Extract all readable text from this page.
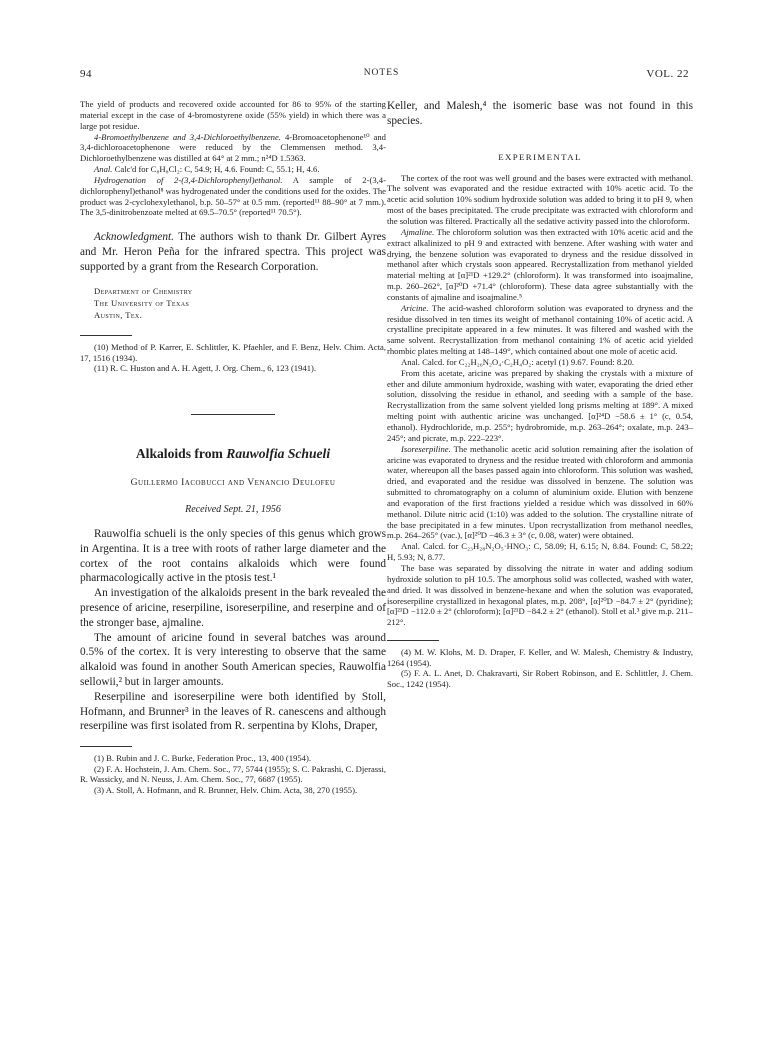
94	NOTES	VOL. 22

The yield of products and recovered oxide accounted for 86 to 95% of the starting material except in the case of 4-bromostyrene oxide (55% yield) in which there was a large pot residue.

4-Bromoethylbenzene and 3,4-Dichloroethylbenzene. 4-Bromoacetophenone¹⁰ and 3,4-dichloroacetophenone were reduced by the Clemmensen method. 3,4-Dichloroethylbenzene was distilled at 64° at 2 mm.; n²⁴D 1.5363.

Anal. Calc'd for C₈H₈Cl₂: C, 54.9; H, 4.6. Found: C, 55.1; H, 4.6.

Hydrogenation of 2-(3,4-Dichlorophenyl)ethanol. A sample of 2-(3,4-dichlorophenyl)ethanol⁸ was hydrogenated under the conditions used for the oxides. The product was 2-cyclohexylethanol, b.p. 50–57° at 0.5 mm. (reported¹¹ 88–90° at 7 mm.). The 3,5-dinitrobenzoate melted at 69.5–70.5° (reported¹¹ 70.5°).

Acknowledgment. The authors wish to thank Dr. Gilbert Ayres and Mr. Heron Peña for the infrared spectra. This project was supported by a grant from the Research Corporation.

Department of Chemistry

The University of Texas

Austin, Tex.

(10) Method of P. Karrer, E. Schlittler, K. Pfaehler, and F. Benz, Helv. Chim. Acta, 17, 1516 (1934).

(11) R. C. Huston and A. H. Agett, J. Org. Chem., 6, 123 (1941).

Alkaloids from Rauwolfia Schueli

Guillermo Iacobucci and Venancio Deulofeu

Received Sept. 21, 1956

Rauwolfia schueli is the only species of this genus which grows in Argentina. It is a tree with roots of rather large diameter and the cortex of the root contains alkaloids which were found pharmacologically active in the ptosis test.¹

An investigation of the alkaloids present in the bark revealed the presence of aricine, reserpiline, isoreserpiline, and reserpine and of the stronger base, ajmaline.

The amount of aricine found in several batches was around 0.5% of the cortex. It is very interesting to observe that the same alkaloid was found in another South American species, Rauwolfia sellowii,² but in larger amounts.

Reserpiline and isoreserpiline were both identified by Stoll, Hofmann, and Brunner³ in the leaves of R. canescens and although reserpiline was first isolated from R. serpentina by Klohs, Draper,

(1) B. Rubin and J. C. Burke, Federation Proc., 13, 400 (1954).

(2) F. A. Hochstein, J. Am. Chem. Soc., 77, 5744 (1955); S. C. Pakrashi, C. Djerassi, R. Wassicky, and N. Neuss, J. Am. Chem. Soc., 77, 6687 (1955).

(3) A. Stoll, A. Hofmann, and R. Brunner, Helv. Chim. Acta, 38, 270 (1955).

Keller, and Malesh,⁴ the isomeric base was not found in this species.

EXPERIMENTAL

The cortex of the root was well ground and the bases were extracted with methanol. The solvent was evaporated and the residue extracted with 10% acetic acid. To the acetic acid solution 10% sodium hydroxide solution was added to bring it to pH 9, when most of the bases precipitated. The crude precipitate was extracted with chloroform and the solution was filtered. Practically all the sedative activity passed into the chloroform.

Ajmaline. The chloroform solution was then extracted with 10% acetic acid and the extract alkalinized to pH 9 and extracted with benzene. After washing with water and drying, the benzene solution was evaporated to dryness and the residue dissolved in methanol after which crystals soon appeared. Recrystallization from methanol yielded material melting at [α]²¹D +129.2° (chloroform). It was transformed into isoajmaline, m.p. 260–262°, [α]²⁰D +71.4° (chloroform). These data agree substantially with the constants of ajmaline and isoajmaline.⁵

Aricine. The acid-washed chloroform solution was evaporated to dryness and the residue dissolved in ten times its weight of methanol containing 10% of acetic acid. A crystalline precipitate appeared in a few minutes. It was filtered and washed with the same solvent. Recrystallization from methanol containing 1% of acetic acid yielded rhombic plates melting at 148–149°, which contained about one mole of acetic acid.

Anal. Calcd. for C₂₂H₂₆N₂O₄·C₂H₄O₂: acetyl (1) 9.67. Found: 8.20.

From this acetate, aricine was prepared by shaking the crystals with a mixture of ether and dilute ammonium hydroxide, washing with water, evaporating the dried ether solution, dissolving the residue in ethanol, and seeding with a sample of the base. Recrystallization from the same solvent yielded long prisms melting at 189°. A mixed melting point with authentic aricine was unchanged. [α]²⁴D −58.6 ± 1° (c, 0.54, ethanol). Hydrochloride, m.p. 255°; hydrobromide, m.p. 263–264°; oxalate, m.p. 243–245°; and picrate, m.p. 222–223°.

Isoreserpiline. The methanolic acetic acid solution remaining after the isolation of aricine was evaporated to dryness and the residue treated with chloroform and ammonia water, whereupon all the bases passed again into chloroform. This solution was washed, dried, and evaporated and the residue was dissolved in benzene. The solution was submitted to chromatography on a column of aluminium oxide. Elution with benzene and evaporation of the first fractions yielded a residue which was dissolved in 60% methanol. Dilute nitric acid (1:10) was added to the solution. The crystalline nitrate of the base precipitated in a few minutes. Upon recrystallization from methanol needles, m.p. 264–265° (vac.), [α]²⁰D −46.3 ± 3° (c, 0.08, water) were obtained.

Anal. Calcd. for C₂₃H₂₈N₂O₅·HNO₃: C, 58.09; H, 6.15; N, 8.84. Found: C, 58.22; H, 5.93; N, 8.77.

The base was separated by dissolving the nitrate in water and adding sodium hydroxide solution to pH 10.5. The amorphous solid was collected, washed with water, and dried. It was dissolved in benzene-hexane and when the solution was evaporated, isoreserpiline crystallized in hexagonal plates, m.p. 208°, [α]²⁰D −84.7 ± 2° (pyridine); [α]²¹D −112.0 ± 2° (chloroform); [α]²¹D −84.2 ± 2° (ethanol). Stoll et al.³ give m.p. 211–212°.

(4) M. W. Klohs, M. D. Draper, F. Keller, and W. Malesh, Chemistry & Industry, 1264 (1954).

(5) F. A. L. Anet, D. Chakravarti, Sir Robert Robinson, and E. Schlittler, J. Chem. Soc., 1242 (1954).
